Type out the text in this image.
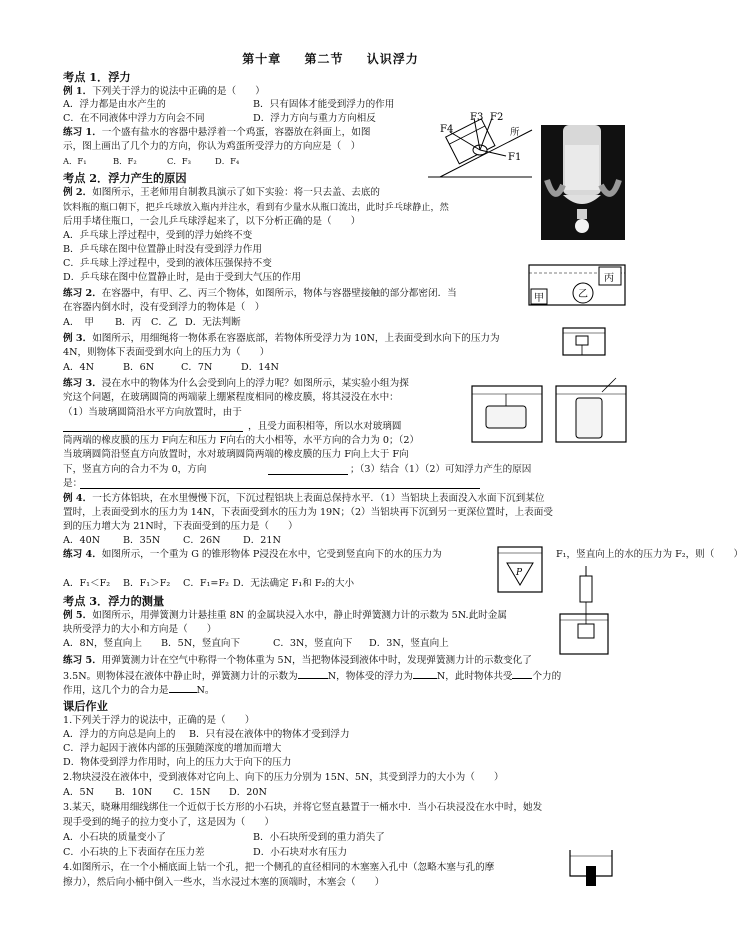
第十章 第二节 认识浮力
考点 1．浮力
例 1．下列关于浮力的说法中正确的是（　　）
A．浮力都是由水产生的	B．只有固体才能受到浮力的作用
C．在不同液体中浮力方向会不同	D．浮力方向与重力方向相反
练习 1．一个盛有盐水的容器中悬浮着一个鸡蛋，容器放在斜面上，如图	所
示，图上画出了几个力的方向，你认为鸡蛋所受浮力的方向应是（　）
A．F₁	B．F₂	C．F₃	D．F₄
F4
F3 F2
F1
考点 2．浮力产生的原因
例 2．如图所示，王老师用自制教具演示了如下实验：将一只去盖、去底的
饮料瓶的瓶口朝下，把乒乓球放入瓶内并注水，看到有少量水从瓶口流出，此时乒乓球静止，然
后用手堵住瓶口，一会儿乒乓球浮起来了，以下分析正确的是（　　）
A．乒乓球上浮过程中，受到的浮力始终不变
B．乒乓球在图中位置静止时没有受到浮力作用
C．乒乓球上浮过程中，受到的液体压强保持不变
D．乒乓球在图中位置静止时，是由于受到大气压的作用	丙
乙
甲
练习 2．在容器中，有甲、乙、丙三个物体，如图所示，物体与容器壁接触的部分都密闭．当
在容器内倒水时，没有受到浮力的物体是（　）
A．　甲 B．丙 C．乙 D．无法判断
例 3．如图所示，用细绳将一物体系在容器底部，若物体所受浮力为 10N，上表面受到水向下的压力为
4N，则物体下表面受到水向上的压力为（　　）
A．4N	B．6N	C．7N	D．14N
练习 3．浸在水中的物体为什么会受到向上的浮力呢？如图所示，某实验小组为探
究这个问题，在玻璃圆筒的两端蒙上绷紧程度相同的橡皮膜，将其浸没在水中：
（1）当玻璃圆筒沿水平方向放置时，由于
，且受力面积相等，所以水对玻璃圆
筒两端的橡皮膜的压力 F向左和压力 F向右的大小相等，水平方向的合力为 0；（2）
当玻璃圆筒沿竖直方向放置时，水对玻璃圆筒两端的橡皮膜的压力 F向上大于 F向
下，竖直方向的合力不为 0，方向	；（3）结合（1）（2）可知浮力产生的原因
是：
例 4．一长方体铝块，在水里慢慢下沉，下沉过程铝块上表面总保持水平．（1）当铝块上表面没入水面下沉到某位
置时，上表面受到水的压力为 14N，下表面受到水的压力为 19N；（2）当铝块再下沉到另一更深位置时，上表面受
到的压力增大为 21N时，下表面受到的压力是（　　）
A．40N B．35N C．26N D．21N
练习 4．如图所示，一个重为 G 的锥形物体 P浸没在水中，它受到竖直向下的水的压力为	F₁，竖直向上的水的压力为 F₂，则（　　）
A．F₁＜F₂ B．F₁＞F₂ C．F₁=F₂ D．无法确定 F₁和 F₂的大小
P
考点 3．浮力的测量
例 5．如图所示，用弹簧测力计悬挂重 8N 的金属块浸入水中，静止时弹簧测力计的示数为 5N.此时金属
块所受浮力的大小和方向是（　　）
A．8N，竖直向上 B．5N，竖直向下	C．3N，竖直向下 D．3N，竖直向上
练习 5．用弹簧测力计在空气中称得一个物体重为 5N，当把物体浸到液体中时，发现弹簧测力计的示数变化了
3.5N。则物体浸在液体中静止时，弹簧测力计的示数为	N，物体受的浮力为	N，此时物体共受 个力的
作用，这几个力的合力是	N。
课后作业
1.下列关于浮力的说法中，正确的是（　　）
A．浮力的方向总是向上的 B．只有浸在液体中的物体才受到浮力
C．浮力起因于液体内部的压强随深度的增加而增大
D．物体受到浮力作用时，向上的压力大于向下的压力
2.物块浸没在液体中，受到液体对它向上、向下的压力分别为 15N、5N，其受到浮力的大小为（　　）
A．5N B．10N C．15N D．20N
3.某天，晓琳用细线绑住一个近似于长方形的小石块，并将它竖直悬置于一桶水中．当小石块浸没在水中时，她发
现手受到的绳子的拉力变小了，这是因为（　　）
A．小石块的质量变小了	B．小石块所受到的重力消失了
C．小石块的上下表面存在压力差	D．小石块对水有压力
4.如图所示，在一个小桶底面上钻一个孔，把一个侧孔的直径相同的木塞塞入孔中（忽略木塞与孔的摩
擦力），然后向小桶中倒入一些水，当水浸过木塞的顶端时，木塞会（　　）
